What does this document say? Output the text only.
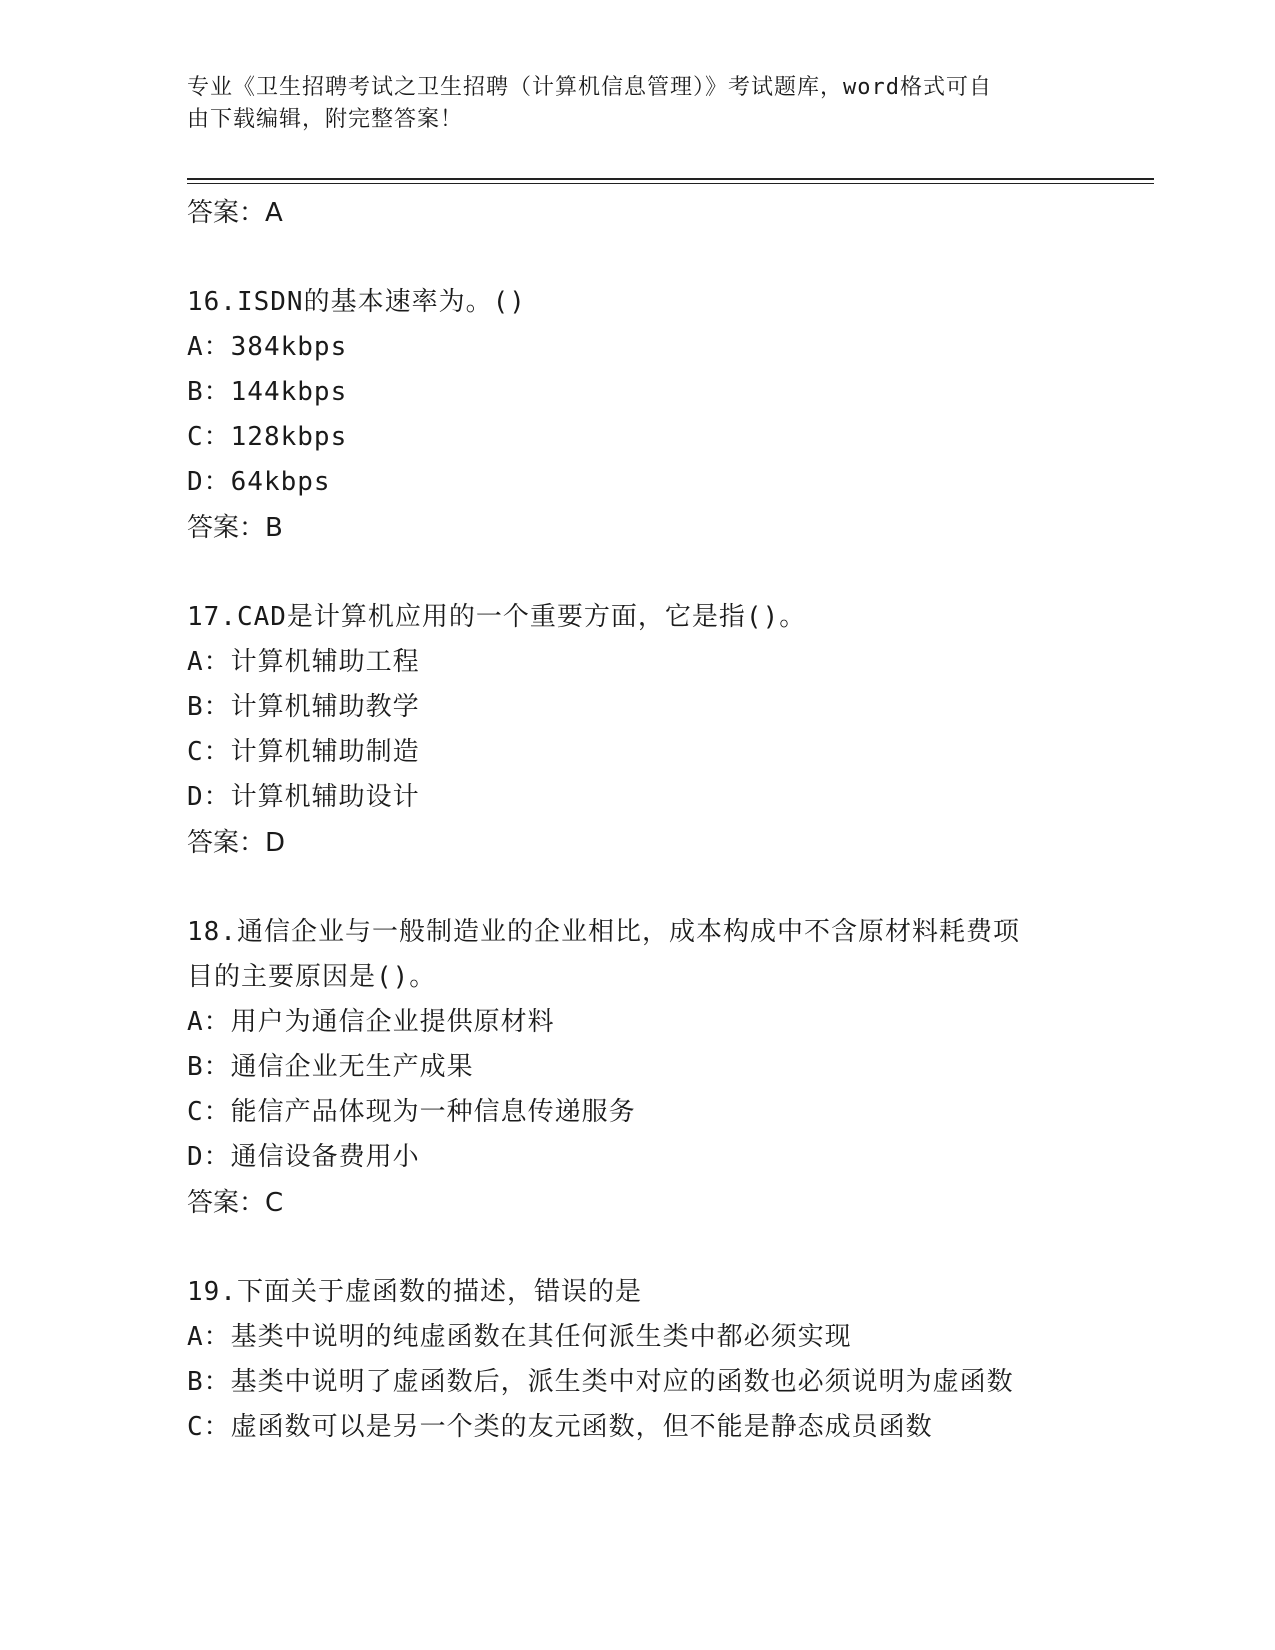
专业《卫生招聘考试之卫生招聘（计算机信息管理）》考试题库，word格式可自
由下载编辑，附完整答案！
答案：A
16.ISDN的基本速率为。()
A：384kbps
B：144kbps
C：128kbps
D：64kbps
答案：B
17.CAD是计算机应用的一个重要方面，它是指()。
A：计算机辅助工程
B：计算机辅助教学
C：计算机辅助制造
D：计算机辅助设计
答案：D
18.通信企业与一般制造业的企业相比，成本构成中不含原材料耗费项
目的主要原因是()。
A：用户为通信企业提供原材料
B：通信企业无生产成果
C：能信产品体现为一种信息传递服务
D：通信设备费用小
答案：C
19.下面关于虚函数的描述，错误的是
A：基类中说明的纯虚函数在其任何派生类中都必须实现
B：基类中说明了虚函数后，派生类中对应的函数也必须说明为虚函数
C：虚函数可以是另一个类的友元函数，但不能是静态成员函数
